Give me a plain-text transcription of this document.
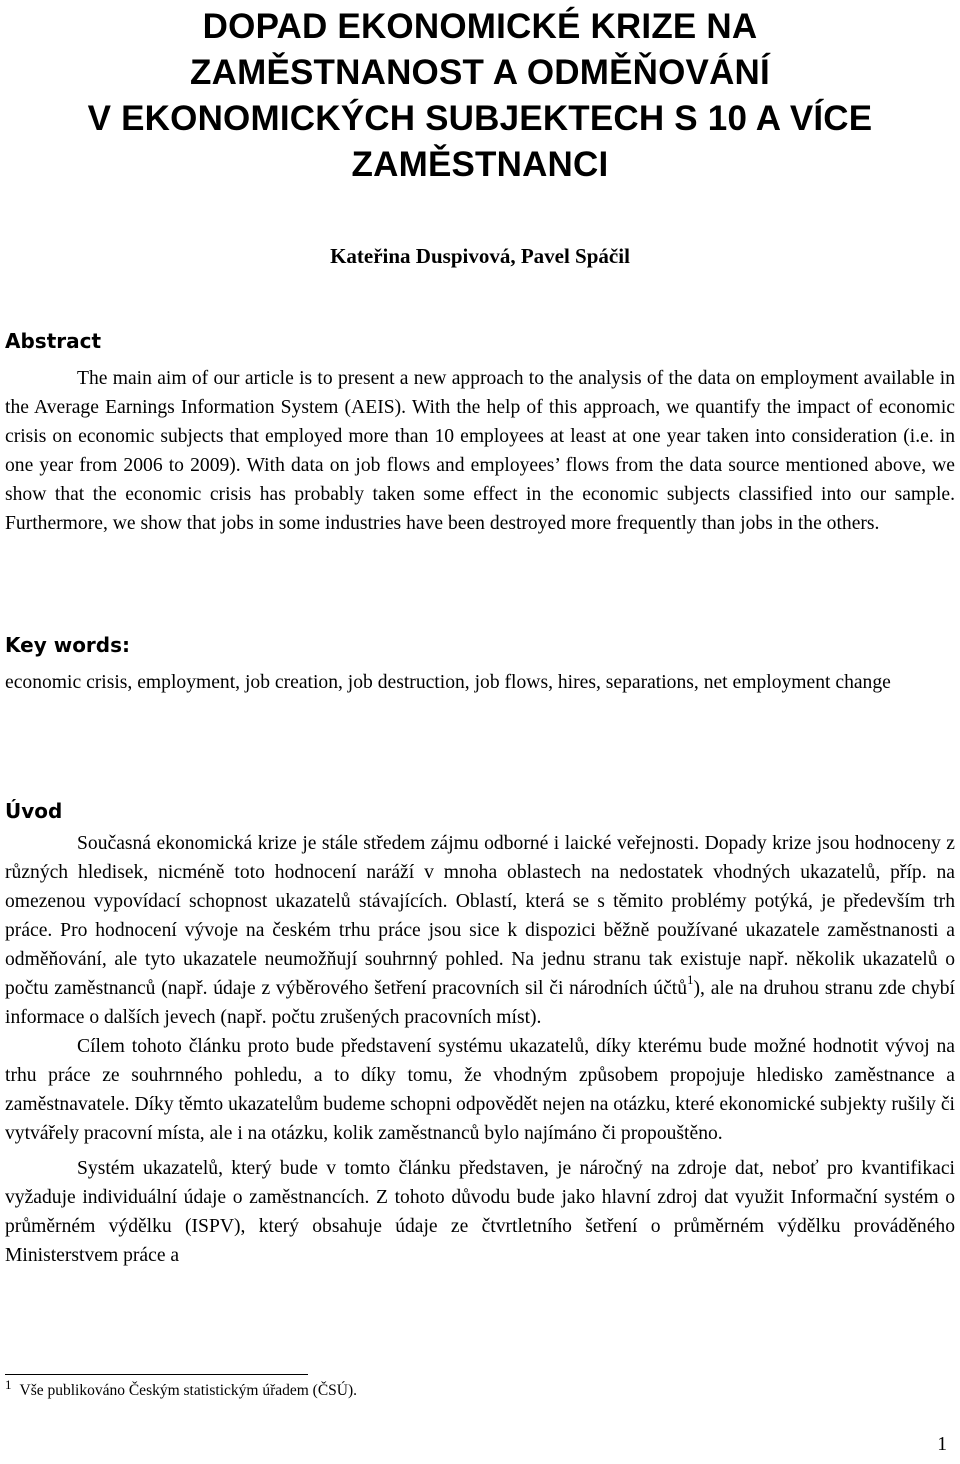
DOPAD EKONOMICKÉ KRIZE NA
ZAMĚSTNANOST A ODMĚŇOVÁNÍ
V EKONOMICKÝCH SUBJEKTECH S 10 A VÍCE
ZAMĚSTNANCI

Kateřina Duspivová, Pavel Spáčil

Abstract

The main aim of our article is to present a new approach to the analysis of the data on employment available in the Average Earnings Information System (AEIS). With the help of this approach, we quantify the impact of economic crisis on economic subjects that employed more than 10 employees at least at one year taken into consideration (i.e. in one year from 2006 to 2009). With data on job flows and employees’ flows from the data source mentioned above, we show that the economic crisis has probably taken some effect in the economic subjects classified into our sample. Furthermore, we show that jobs in some industries have been destroyed more frequently than jobs in the others.

Key words:

economic crisis, employment, job creation, job destruction, job flows, hires, separations, net employment change

Úvod

Současná ekonomická krize je stále středem zájmu odborné i laické veřejnosti. Dopady krize jsou hodnoceny z různých hledisek, nicméně toto hodnocení naráží v mnoha oblastech na nedostatek vhodných ukazatelů, příp. na omezenou vypovídací schopnost ukazatelů stávajících. Oblastí, která se s těmito problémy potýká, je především trh práce. Pro hodnocení vývoje na českém trhu práce jsou sice k dispozici běžně používané ukazatele zaměstnanosti a odměňování, ale tyto ukazatele neumožňují souhrnný pohled. Na jednu stranu tak existuje např. několik ukazatelů o počtu zaměstnanců (např. údaje z výběrového šetření pracovních sil či národních účtů$^1$), ale na druhou stranu zde chybí informace o dalších jevech (např. počtu zrušených pracovních míst).

Cílem tohoto článku proto bude představení systému ukazatelů, díky kterému bude možné hodnotit vývoj na trhu práce ze souhrnného pohledu, a to díky tomu, že vhodným způsobem propojuje hledisko zaměstnance a zaměstnavatele. Díky těmto ukazatelům budeme schopni odpovědět nejen na otázku, které ekonomické subjekty rušily či vytvářely pracovní místa, ale i na otázku, kolik zaměstnanců bylo najímáno či propouštěno.

Systém ukazatelů, který bude v tomto článku představen, je náročný na zdroje dat, neboť pro kvantifikaci vyžaduje individuální údaje o zaměstnancích. Z tohoto důvodu bude jako hlavní zdroj dat využit Informační systém o průměrném výdělku (ISPV), který obsahuje údaje ze čtvrtletního šetření o průměrném výdělku prováděného Ministerstvem práce a

$^1$ Vše publikováno Českým statistickým úřadem (ČSÚ).

1
